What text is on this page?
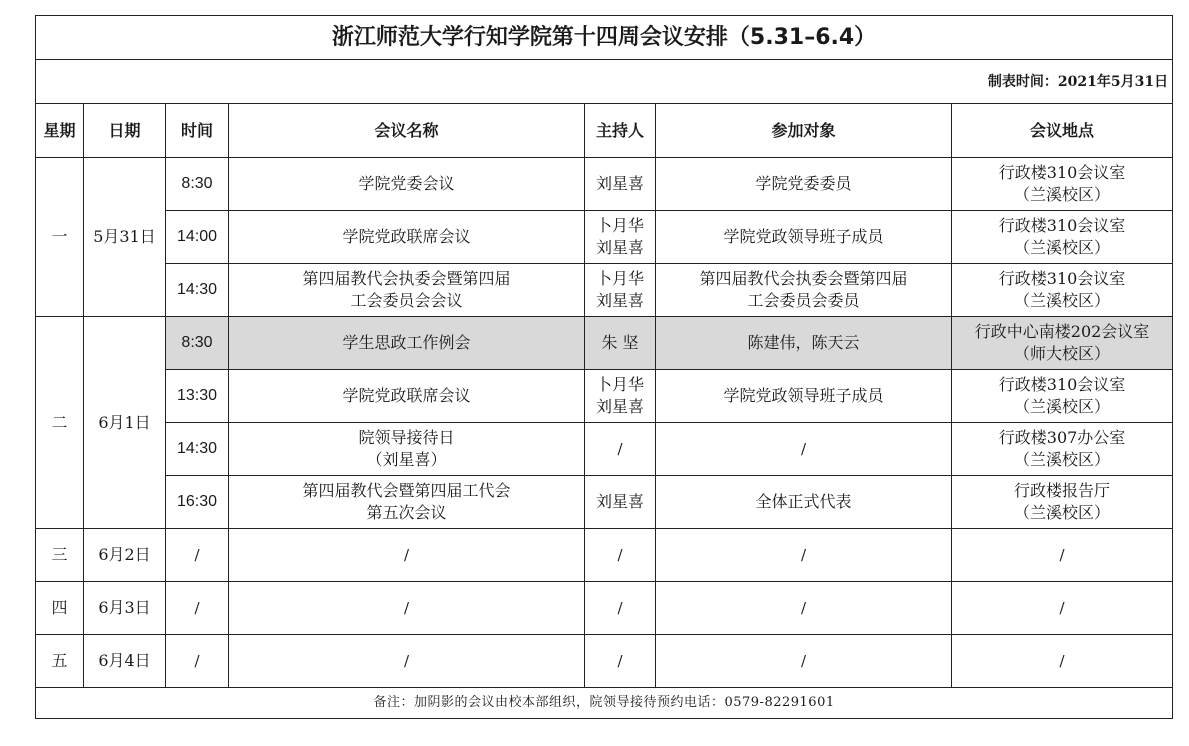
浙江师范大学行知学院第十四周会议安排（5.31–6.4）						
制表时间：2021年5月31日						
星期	日期	时间	会议名称	主持人	参加对象	会议地点
一	5月31日	8:30	学院党委会议	刘星喜	学院党委委员	行政楼310会议室
（兰溪校区）

		14:00	学院党政联席会议	卜月华
刘星喜	学院党政领导班子成员	行政楼310会议室
（兰溪校区）

		14:30	第四届教代会执委会暨第四届
工会委员会会议	卜月华
刘星喜	第四届教代会执委会暨第四届
工会委员会委员	行政楼310会议室
（兰溪校区）

二	6月1日	8:30	学生思政工作例会	朱 坚	陈建伟，陈天云	行政中心南楼202会议室
（师大校区）

		13:30	学院党政联席会议	卜月华
刘星喜	学院党政领导班子成员	行政楼310会议室
（兰溪校区）

		14:30	院领导接待日
（刘星喜）	/	/	行政楼307办公室
（兰溪校区）

		16:30	第四届教代会暨第四届工代会
第五次会议	刘星喜	全体正式代表	行政楼报告厅
（兰溪校区）

三	6月2日	/	/	/	/	/

四	6月3日	/	/	/	/	/

五	6月4日	/	/	/	/	/

备注：加阴影的会议由校本部组织，院领导接待预约电话：0579-82291601						
